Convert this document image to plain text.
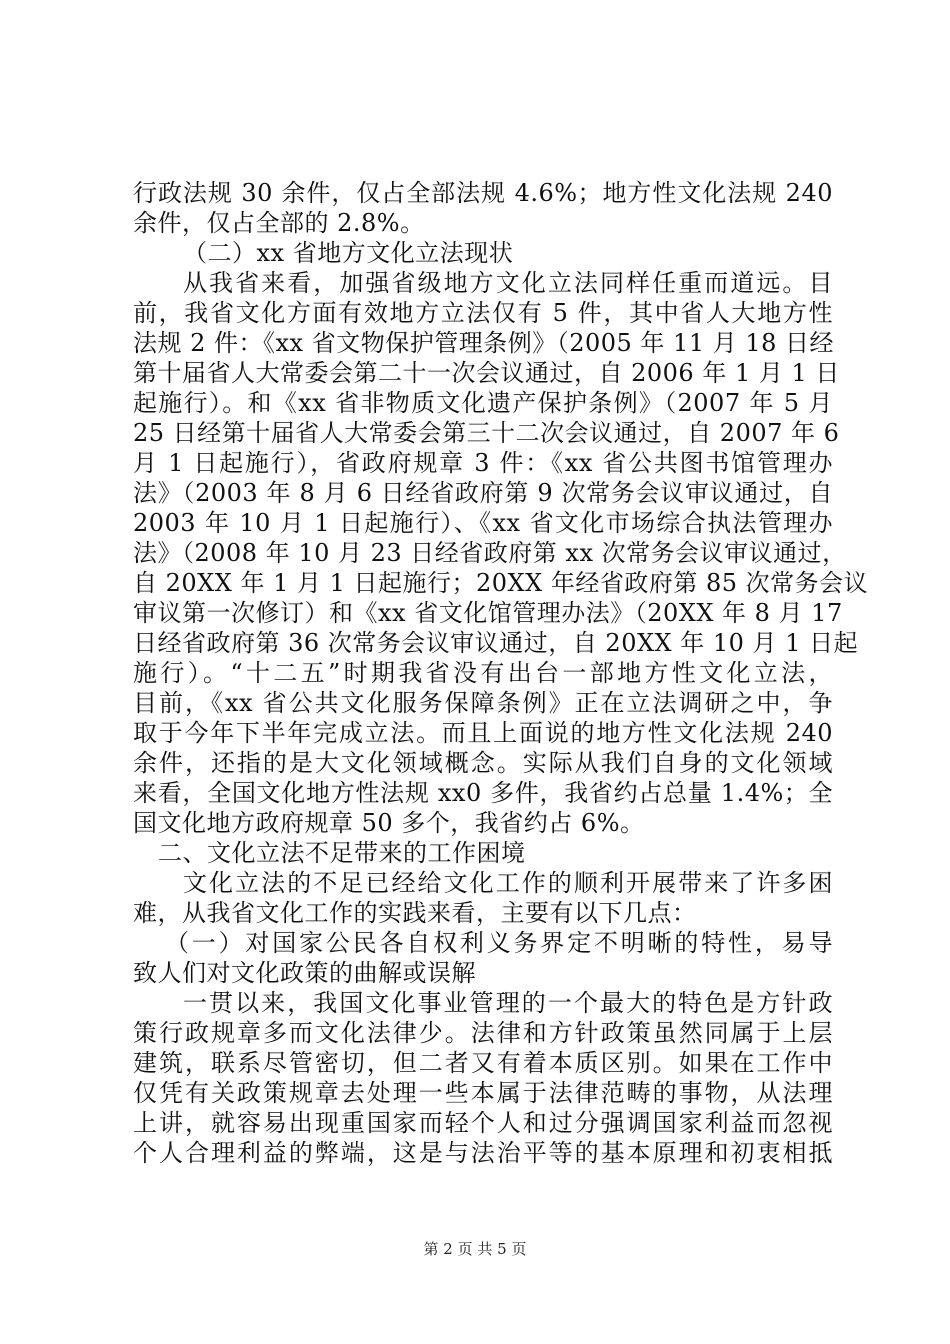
行政法规 30 余件，仅占全部法规 4.6%；地方性文化法规 240
余件，仅占全部的 2.8%。
（二）xx 省地方文化立法现状
从我省来看，加强省级地方文化立法同样任重而道远。目
前，我省文化方面有效地方立法仅有 5 件，其中省人大地方性
法规 2 件：《xx 省文物保护管理条例》（2005 年 11 月 18 日经
第十届省人大常委会第二十一次会议通过，自 2006 年 1 月 1 日
起施行）。和《xx 省非物质文化遗产保护条例》（2007 年 5 月
25 日经第十届省人大常委会第三十二次会议通过，自 2007 年 6
月 1 日起施行），省政府规章 3 件：《xx 省公共图书馆管理办
法》（2003 年 8 月 6 日经省政府第 9 次常务会议审议通过，自
2003 年 10 月 1 日起施行）、《xx 省文化市场综合执法管理办
法》（2008 年 10 月 23 日经省政府第 xx 次常务会议审议通过，
自 20XX 年 1 月 1 日起施行；20XX 年经省政府第 85 次常务会议
审议第一次修订）和《xx 省文化馆管理办法》（20XX 年 8 月 17
日经省政府第 36 次常务会议审议通过，自 20XX 年 10 月 1 日起
施行）。“十二五”时期我省没有出台一部地方性文化立法，
目前，《xx 省公共文化服务保障条例》正在立法调研之中，争
取于今年下半年完成立法。而且上面说的地方性文化法规 240
余件，还指的是大文化领域概念。实际从我们自身的文化领域
来看，全国文化地方性法规 xx0 多件，我省约占总量 1.4%；全
国文化地方政府规章 50 多个，我省约占 6%。
二、文化立法不足带来的工作困境
文化立法的不足已经给文化工作的顺利开展带来了许多困
难，从我省文化工作的实践来看，主要有以下几点：
（一）对国家公民各自权利义务界定不明晰的特性，易导
致人们对文化政策的曲解或误解
一贯以来，我国文化事业管理的一个最大的特色是方针政
策行政规章多而文化法律少。法律和方针政策虽然同属于上层
建筑，联系尽管密切，但二者又有着本质区别。如果在工作中
仅凭有关政策规章去处理一些本属于法律范畴的事物，从法理
上讲，就容易出现重国家而轻个人和过分强调国家利益而忽视
个人合理利益的弊端，这是与法治平等的基本原理和初衷相抵
第 2 页 共 5 页
